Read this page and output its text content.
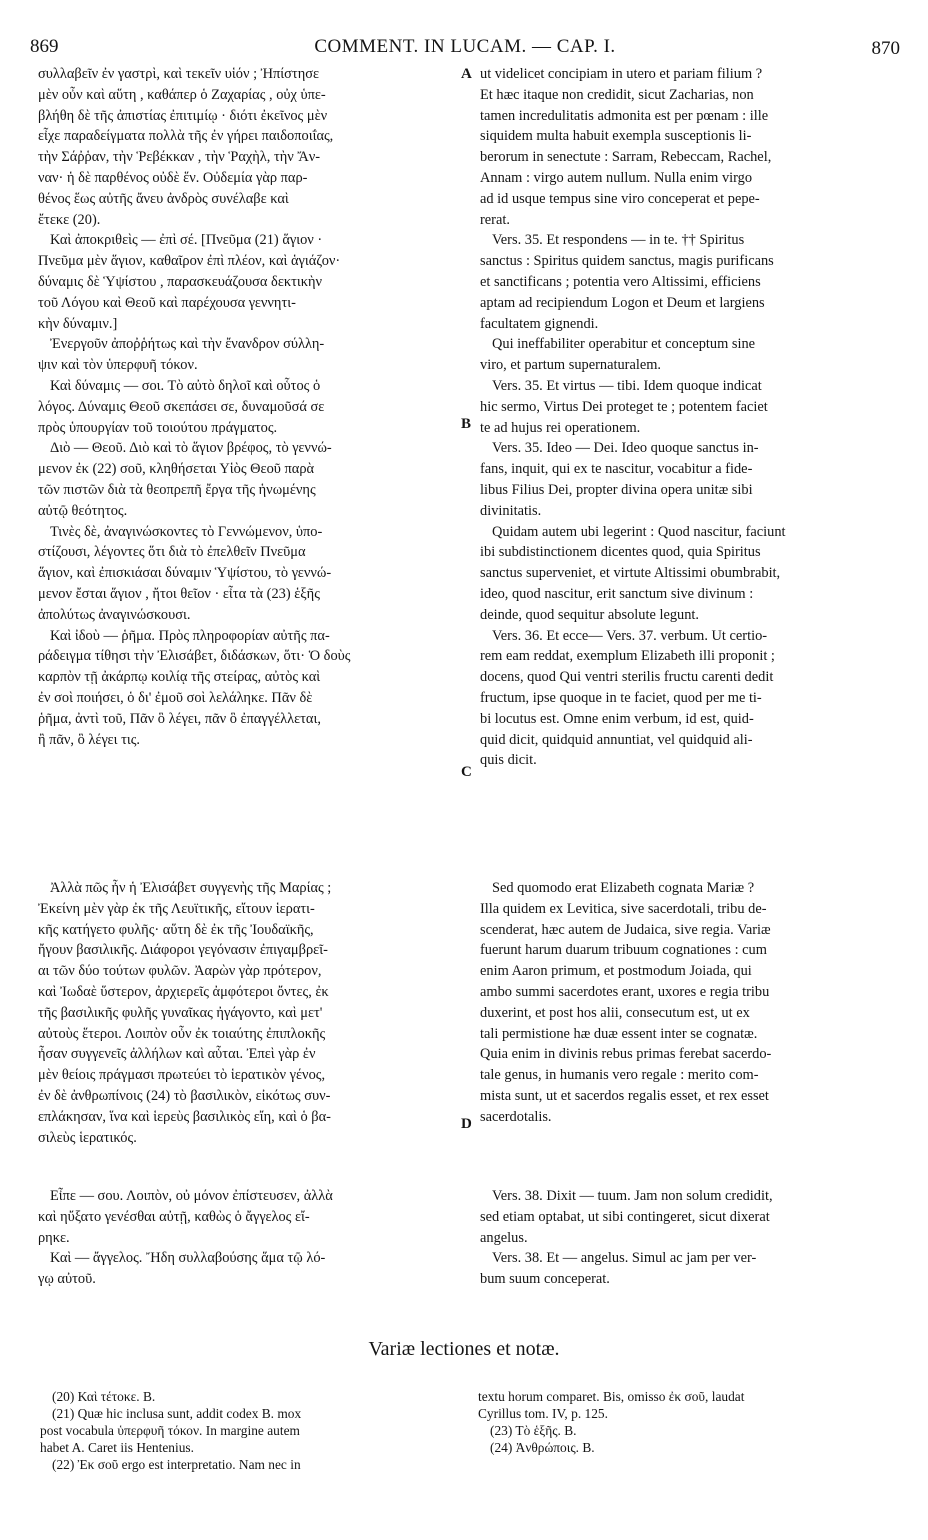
869	COMMENT. IN LUCAM. — CAP. I.	870
συλλαβεῖν ἐν γαστρὶ, καὶ τεκεῖν υἱόν ; Ἠπίστησε
μὲν οὖν καὶ αὕτη , καθάπερ ὁ Ζαχαρίας , οὐχ ὑπε-
βλήθη δὲ τῆς ἀπιστίας ἐπιτιμίῳ · διότι ἐκεῖνος μὲν
εἶχε παραδείγματα πολλὰ τῆς ἐν γήρει παιδοποιΐας,
τὴν Σάῤῥαν, τὴν Ῥεβέκκαν , τὴν Ῥαχὴλ, τὴν Ἄν-
ναν· ἡ δὲ παρθένος οὐδὲ ἕν. Οὐδεμία γὰρ παρ-
θένος ἕως αὐτῆς ἄνευ ἀνδρὸς συνέλαβε καὶ
ἔτεκε (20).
Καὶ ἀποκριθεὶς — ἐπὶ σέ. [Πνεῦμα (21) ἅγιον ·
Πνεῦμα μὲν ἅγιον, καθαῖρον ἐπὶ πλέον, καὶ ἁγιάζον·
δύναμις δὲ Ὑψίστου , παρασκευάζουσα δεκτικὴν
τοῦ Λόγου καὶ Θεοῦ καὶ παρέχουσα γεννητι-
κὴν δύναμιν.]
Ἐνεργοῦν ἀποῤῥήτως καὶ τὴν ἔνανδρον σύλλη-
ψιν καὶ τὸν ὑπερφυῆ τόκον.
Καὶ δύναμις — σοι. Τὸ αὐτὸ δηλοῖ καὶ οὗτος ὁ
λόγος. Δύναμις Θεοῦ σκεπάσει σε, δυναμοῦσά σε
πρὸς ὑπουργίαν τοῦ τοιούτου πράγματος.
Διὸ — Θεοῦ. Διὸ καὶ τὸ ἅγιον βρέφος, τὸ γεννώ-
μενον ἐκ (22) σοῦ, κληθήσεται Υἱὸς Θεοῦ παρὰ
τῶν πιστῶν διὰ τὰ θεοπρεπῆ ἔργα τῆς ἡνωμένης
αὐτῷ θεότητος.
Τινὲς δὲ, ἀναγινώσκοντες τὸ Γεννώμενον, ὑπο-
στίζουσι, λέγοντες ὅτι διὰ τὸ ἐπελθεῖν Πνεῦμα
ἅγιον, καὶ ἐπισκιάσαι δύναμιν Ὑψίστου, τὸ γεννώ-
μενον ἔσται ἅγιον , ἤτοι θεῖον · εἶτα τὰ (23) ἑξῆς
ἀπολύτως ἀναγινώσκουσι.
Καὶ ἰδοὺ — ῥῆμα. Πρὸς πληροφορίαν αὐτῆς πα-
ράδειγμα τίθησι τὴν Ἐλισάβετ, διδάσκων, ὅτι· Ὁ δοὺς
καρπὸν τῇ ἀκάρπῳ κοιλίᾳ τῆς στείρας, αὐτὸς καὶ
ἐν σοὶ ποιήσει, ὁ δι' ἐμοῦ σοὶ λελάληκε. Πᾶν δὲ
ῥῆμα, ἀντὶ τοῦ, Πᾶν ὃ λέγει, πᾶν ὃ ἐπαγγέλλεται,
ἢ πᾶν, ὃ λέγει τις.
ut videlicet concipiam in utero et pariam filium ?
Et hæc itaque non credidit, sicut Zacharias, non
tamen incredulitatis admonita est per pœnam : ille
siquidem multa habuit exempla susceptionis li-
berorum in senectute : Sarram, Rebeccam, Rachel,
Annam : virgo autem nullum. Nulla enim virgo
ad id usque tempus sine viro conceperat et pepe-
rerat.
Vers. 35. Et respondens — in te. †† Spiritus
sanctus : Spiritus quidem sanctus, magis purificans
et sanctificans ; potentia vero Altissimi, efficiens
aptam ad recipiendum Logon et Deum et largiens
facultatem gignendi.
Qui ineffabiliter operabitur et conceptum sine
viro, et partum supernaturalem.
Vers. 35. Et virtus — tibi. Idem quoque indicat
hic sermo, Virtus Dei proteget te ; potentem faciet
te ad hujus rei operationem.
Vers. 35. Ideo — Dei. Ideo quoque sanctus in-
fans, inquit, qui ex te nascitur, vocabitur a fide-
libus Filius Dei, propter divina opera unitæ sibi
divinitatis.
Quidam autem ubi legerint : Quod nascitur, faciunt
ibi subdistinctionem dicentes quod, quia Spiritus
sanctus superveniet, et virtute Altissimi obumbrabit,
ideo, quod nascitur, erit sanctum sive divinum :
deinde, quod sequitur absolute legunt.
Vers. 36. Et ecce— Vers. 37. verbum. Ut certio-
rem eam reddat, exemplum Elizabeth illi proponit ;
docens, quod Qui ventri sterilis fructu carenti dedit
fructum, ipse quoque in te faciet, quod per me ti-
bi locutus est. Omne enim verbum, id est, quid-
quid dicit, quidquid annuntiat, vel quidquid ali-
quis dicit.
Ἀλλὰ πῶς ἦν ἡ Ἐλισάβετ συγγενὴς τῆς Μαρίας ;
Ἐκείνη μὲν γὰρ ἐκ τῆς Λευϊτικῆς, εἴτουν ἱερατι-
κῆς κατήγετο φυλῆς· αὕτη δὲ ἐκ τῆς Ἰουδαϊκῆς,
ἤγουν βασιλικῆς. Διάφοροι γεγόνασιν ἐπιγαμβρεῖ-
αι τῶν δύο τούτων φυλῶν. Ἀαρὼν γὰρ πρότερον,
καὶ Ἰωδαὲ ὕστερον, ἀρχιερεῖς ἀμφότεροι ὄντες, ἐκ
τῆς βασιλικῆς φυλῆς γυναῖκας ἠγάγοντο, καὶ μετ'
αὐτοὺς ἕτεροι. Λοιπὸν οὖν ἐκ τοιαύτης ἐπιπλοκῆς
ἦσαν συγγενεῖς ἀλλήλων καὶ αὗται. Ἐπεὶ γὰρ ἐν
μὲν θείοις πράγμασι πρωτεύει τὸ ἱερατικὸν γένος,
ἐν δὲ ἀνθρωπίνοις (24) τὸ βασιλικὸν, εἰκότως συν-
επλάκησαν, ἵνα καὶ ἱερεὺς βασιλικὸς εἴη, καὶ ὁ βα-
σιλεὺς ἱερατικός.
Sed quomodo erat Elizabeth cognata Mariæ ?
Illa quidem ex Levitica, sive sacerdotali, tribu de-
scenderat, hæc autem de Judaica, sive regia. Variæ
fuerunt harum duarum tribuum cognationes : cum
enim Aaron primum, et postmodum Joiada, qui
ambo summi sacerdotes erant, uxores e regia tribu
duxerint, et post hos alii, consecutum est, ut ex
tali permistione hæ duæ essent inter se cognatæ.
Quia enim in divinis rebus primas ferebat sacerdo-
tale genus, in humanis vero regale : merito com-
mista sunt, ut et sacerdos regalis esset, et rex esset
sacerdotalis.
Εἶπε — σου. Λοιπὸν, οὐ μόνον ἐπίστευσεν, ἀλλὰ
καὶ ηὔξατο γενέσθαι αὐτῇ, καθὼς ὁ ἄγγελος εἴ-
ρηκε.
Καὶ — ἄγγελος. Ἤδη συλλαβούσης ἅμα τῷ λό-
γῳ αὐτοῦ.
Vers. 38. Dixit — tuum. Jam non solum credidit,
sed etiam optabat, ut sibi contingeret, sicut dixerat
angelus.
Vers. 38. Et — angelus. Simul ac jam per ver-
bum suum conceperat.
A
B
C
D
Variæ lectiones et notæ.
(20) Καὶ τέτοκε. B.
(21) Quæ hic inclusa sunt, addit codex B. mox
post vocabula ὑπερφυῆ τόκον. In margine autem
habet A. Caret iis Hentenius.
(22) Ἐκ σοῦ ergo est interpretatio. Nam nec in
textu horum comparet. Bis, omisso ἐκ σοῦ, laudat
Cyrillus tom. IV, p. 125.
(23) Τὸ ἑξῆς. B.
(24) Ἀνθρώποις. B.
